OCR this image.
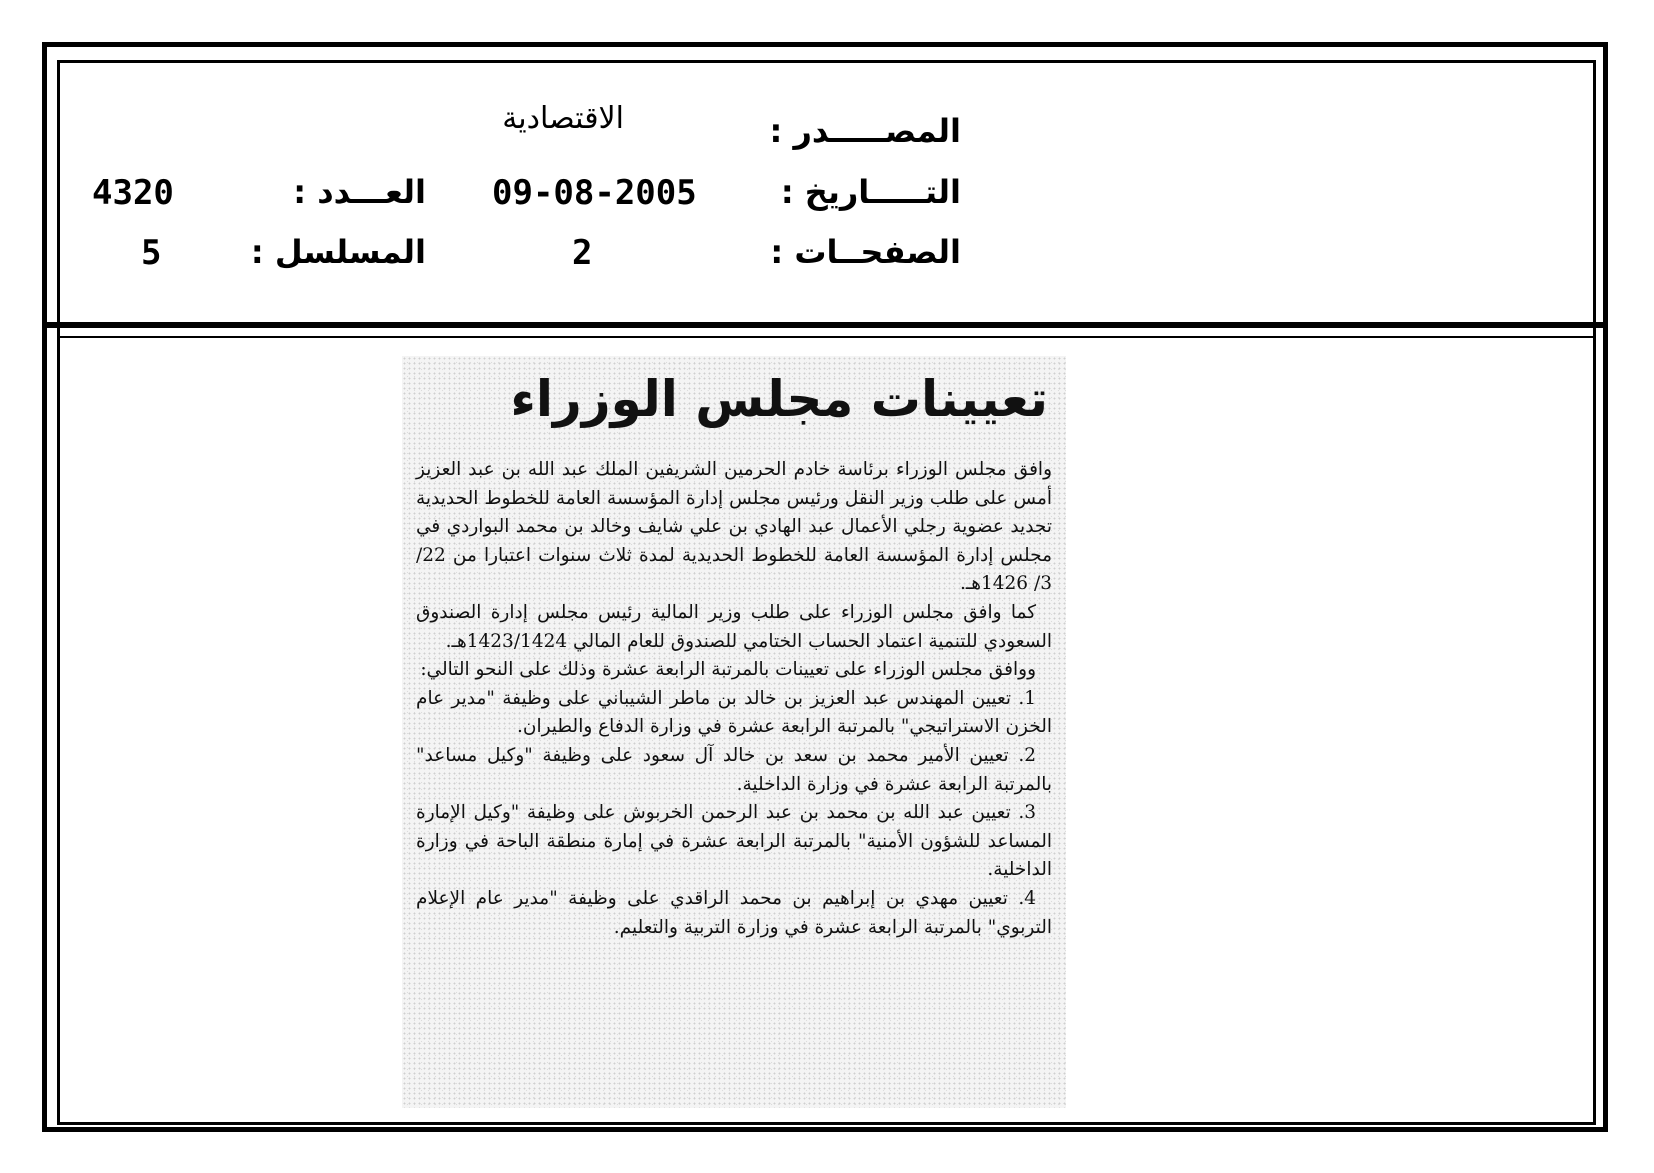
المصـــــدر :
الاقتصادية
التـــــاريخ :
09-08-2005
العـــدد :
4320
الصفحــات :
2
المسلسل :
5
تعيينات مجلس الوزراء

وافق مجلس الوزراء برئاسة خادم الحرمين الشريفين الملك عبد الله بن عبد العزيز أمس على طلب وزير النقل ورئيس مجلس إدارة المؤسسة العامة للخطوط الحديدية تجديد عضوية رجلي الأعمال عبد الهادي بن علي شايف وخالد بن محمد البواردي في مجلس إدارة المؤسسة العامة للخطوط الحديدية لمدة ثلاث سنوات اعتبارا من 22/ 3/ 1426هـ.

كما وافق مجلس الوزراء على طلب وزير المالية رئيس مجلس إدارة الصندوق السعودي للتنمية اعتماد الحساب الختامي للصندوق للعام المالي 1423/1424هـ.

ووافق مجلس الوزراء على تعيينات بالمرتبة الرابعة عشرة وذلك على النحو التالي:

1. تعيين المهندس عبد العزيز بن خالد بن ماطر الشيباني على وظيفة "مدير عام الخزن الاستراتيجي" بالمرتبة الرابعة عشرة في وزارة الدفاع والطيران.

2. تعيين الأمير محمد بن سعد بن خالد آل سعود على وظيفة "وكيل مساعد" بالمرتبة الرابعة عشرة في وزارة الداخلية.

3. تعيين عبد الله بن محمد بن عبد الرحمن الخربوش على وظيفة "وكيل الإمارة المساعد للشؤون الأمنية" بالمرتبة الرابعة عشرة في إمارة منطقة الباحة في وزارة الداخلية.

4. تعيين مهدي بن إبراهيم بن محمد الراقدي على وظيفة "مدير عام الإعلام التربوي" بالمرتبة الرابعة عشرة في وزارة التربية والتعليم.
